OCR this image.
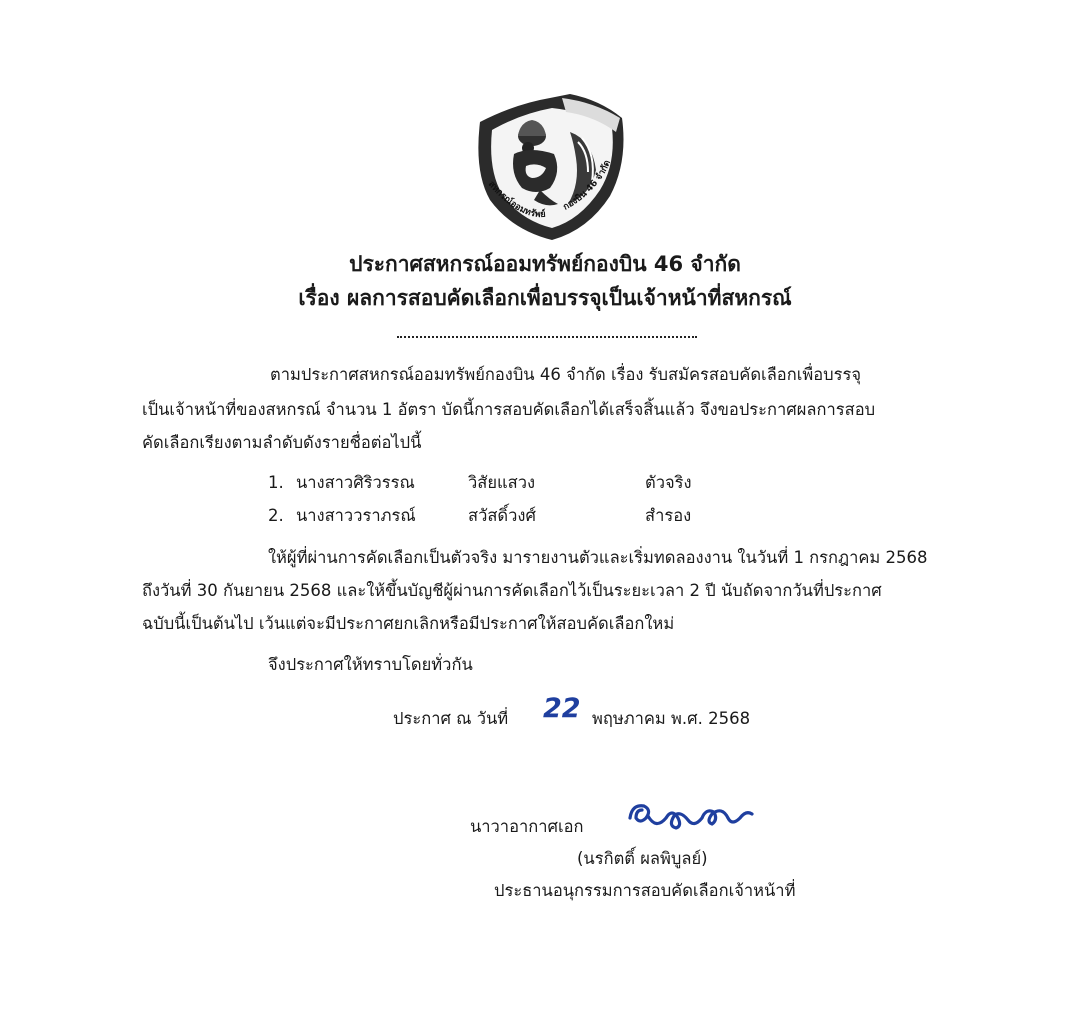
สหกรณ์ออมทรัพย์
กองบิน 46 จำกัด
ประกาศสหกรณ์ออมทรัพย์กองบิน 46 จำกัด
เรื่อง ผลการสอบคัดเลือกเพื่อบรรจุเป็นเจ้าหน้าที่สหกรณ์
ตามประกาศสหกรณ์ออมทรัพย์กองบิน 46 จำกัด เรื่อง รับสมัครสอบคัดเลือกเพื่อบรรจุ
เป็นเจ้าหน้าที่ของสหกรณ์ จำนวน 1 อัตรา บัดนี้การสอบคัดเลือกได้เสร็จสิ้นแล้ว จึงขอประกาศผลการสอบ
คัดเลือกเรียงตามลำดับดังรายชื่อต่อไปนี้
1. นางสาวศิริวรรณ	วิสัยแสวง	ตัวจริง
2. นางสาววราภรณ์	สวัสดิ์วงศ์	สำรอง
ให้ผู้ที่ผ่านการคัดเลือกเป็นตัวจริง มารายงานตัวและเริ่มทดลองงาน ในวันที่ 1 กรกฎาคม 2568
ถึงวันที่ 30 กันยายน 2568 และให้ขึ้นบัญชีผู้ผ่านการคัดเลือกไว้เป็นระยะเวลา 2 ปี นับถัดจากวันที่ประกาศ
ฉบับนี้เป็นต้นไป เว้นแต่จะมีประกาศยกเลิกหรือมีประกาศให้สอบคัดเลือกใหม่
จึงประกาศให้ทราบโดยทั่วกัน
ประกาศ ณ วันที่ 22 พฤษภาคม พ.ศ. 2568
นาวาอากาศเอก
(นรกิตติ์ ผลพิบูลย์)
ประธานอนุกรรมการสอบคัดเลือกเจ้าหน้าที่
